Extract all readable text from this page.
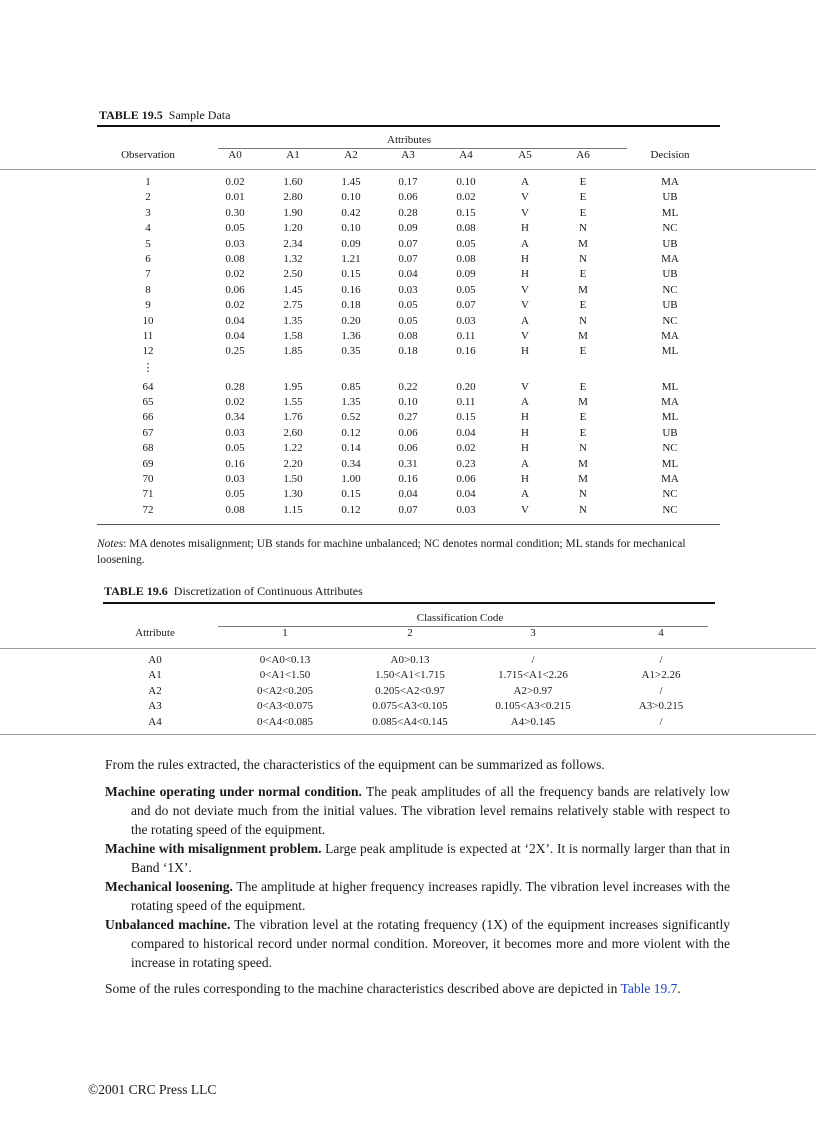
TABLE 19.5 Sample Data
Attributes
Observation	A0	A1	A2	A3	A4	A5	A6	Decision
1	0.02	1.60	1.45	0.17	0.10	A	E	MA
2	0.01	2.80	0.10	0.06	0.02	V	E	UB
3	0.30	1.90	0.42	0.28	0.15	V	E	ML
4	0.05	1.20	0.10	0.09	0.08	H	N	NC
5	0.03	2.34	0.09	0.07	0.05	A	M	UB
6	0.08	1.32	1.21	0.07	0.08	H	N	MA
7	0.02	2.50	0.15	0.04	0.09	H	E	UB
8	0.06	1.45	0.16	0.03	0.05	V	M	NC
9	0.02	2.75	0.18	0.05	0.07	V	E	UB
10	0.04	1.35	0.20	0.05	0.03	A	N	NC
11	0.04	1.58	1.36	0.08	0.11	V	M	MA
12	0.25	1.85	0.35	0.18	0.16	H	E	ML
⋮
64	0.28	1.95	0.85	0.22	0.20	V	E	ML
65	0.02	1.55	1.35	0.10	0.11	A	M	MA
66	0.34	1.76	0.52	0.27	0.15	H	E	ML
67	0.03	2.60	0.12	0.06	0.04	H	E	UB
68	0.05	1.22	0.14	0.06	0.02	H	N	NC
69	0.16	2.20	0.34	0.31	0.23	A	M	ML
70	0.03	1.50	1.00	0.16	0.06	H	M	MA
71	0.05	1.30	0.15	0.04	0.04	A	N	NC
72	0.08	1.15	0.12	0.07	0.03	V	N	NC
Notes: MA denotes misalignment; UB stands for machine unbalanced; NC denotes normal condition; ML stands for mechanical loosening.
TABLE 19.6 Discretization of Continuous Attributes
Classification Code
Attribute	1	2	3	4
A0	0<A0<0.13	A0>0.13	/	/
A1	0<A1<1.50	1.50<A1<1.715	1.715<A1<2.26	A1>2.26
A2	0<A2<0.205	0.205<A2<0.97	A2>0.97	/
A3	0<A3<0.075	0.075<A3<0.105	0.105<A3<0.215	A3>0.215
A4	0<A4<0.085	0.085<A4<0.145	A4>0.145	/

From the rules extracted, the characteristics of the equipment can be summarized as follows.

Machine operating under normal condition. The peak amplitudes of all the frequency bands are relatively low and do not deviate much from the initial values. The vibration level remains relatively stable with respect to the rotating speed of the equipment.

Machine with misalignment problem. Large peak amplitude is expected at ‘2X’. It is normally larger than that in Band ‘1X’.

Mechanical loosening. The amplitude at higher frequency increases rapidly. The vibration level increases with the rotating speed of the equipment.

Unbalanced machine. The vibration level at the rotating frequency (1X) of the equipment increases significantly compared to historical record under normal condition. Moreover, it becomes more and more violent with the increase in rotating speed.

Some of the rules corresponding to the machine characteristics described above are depicted in Table 19.7.
©2001 CRC Press LLC
